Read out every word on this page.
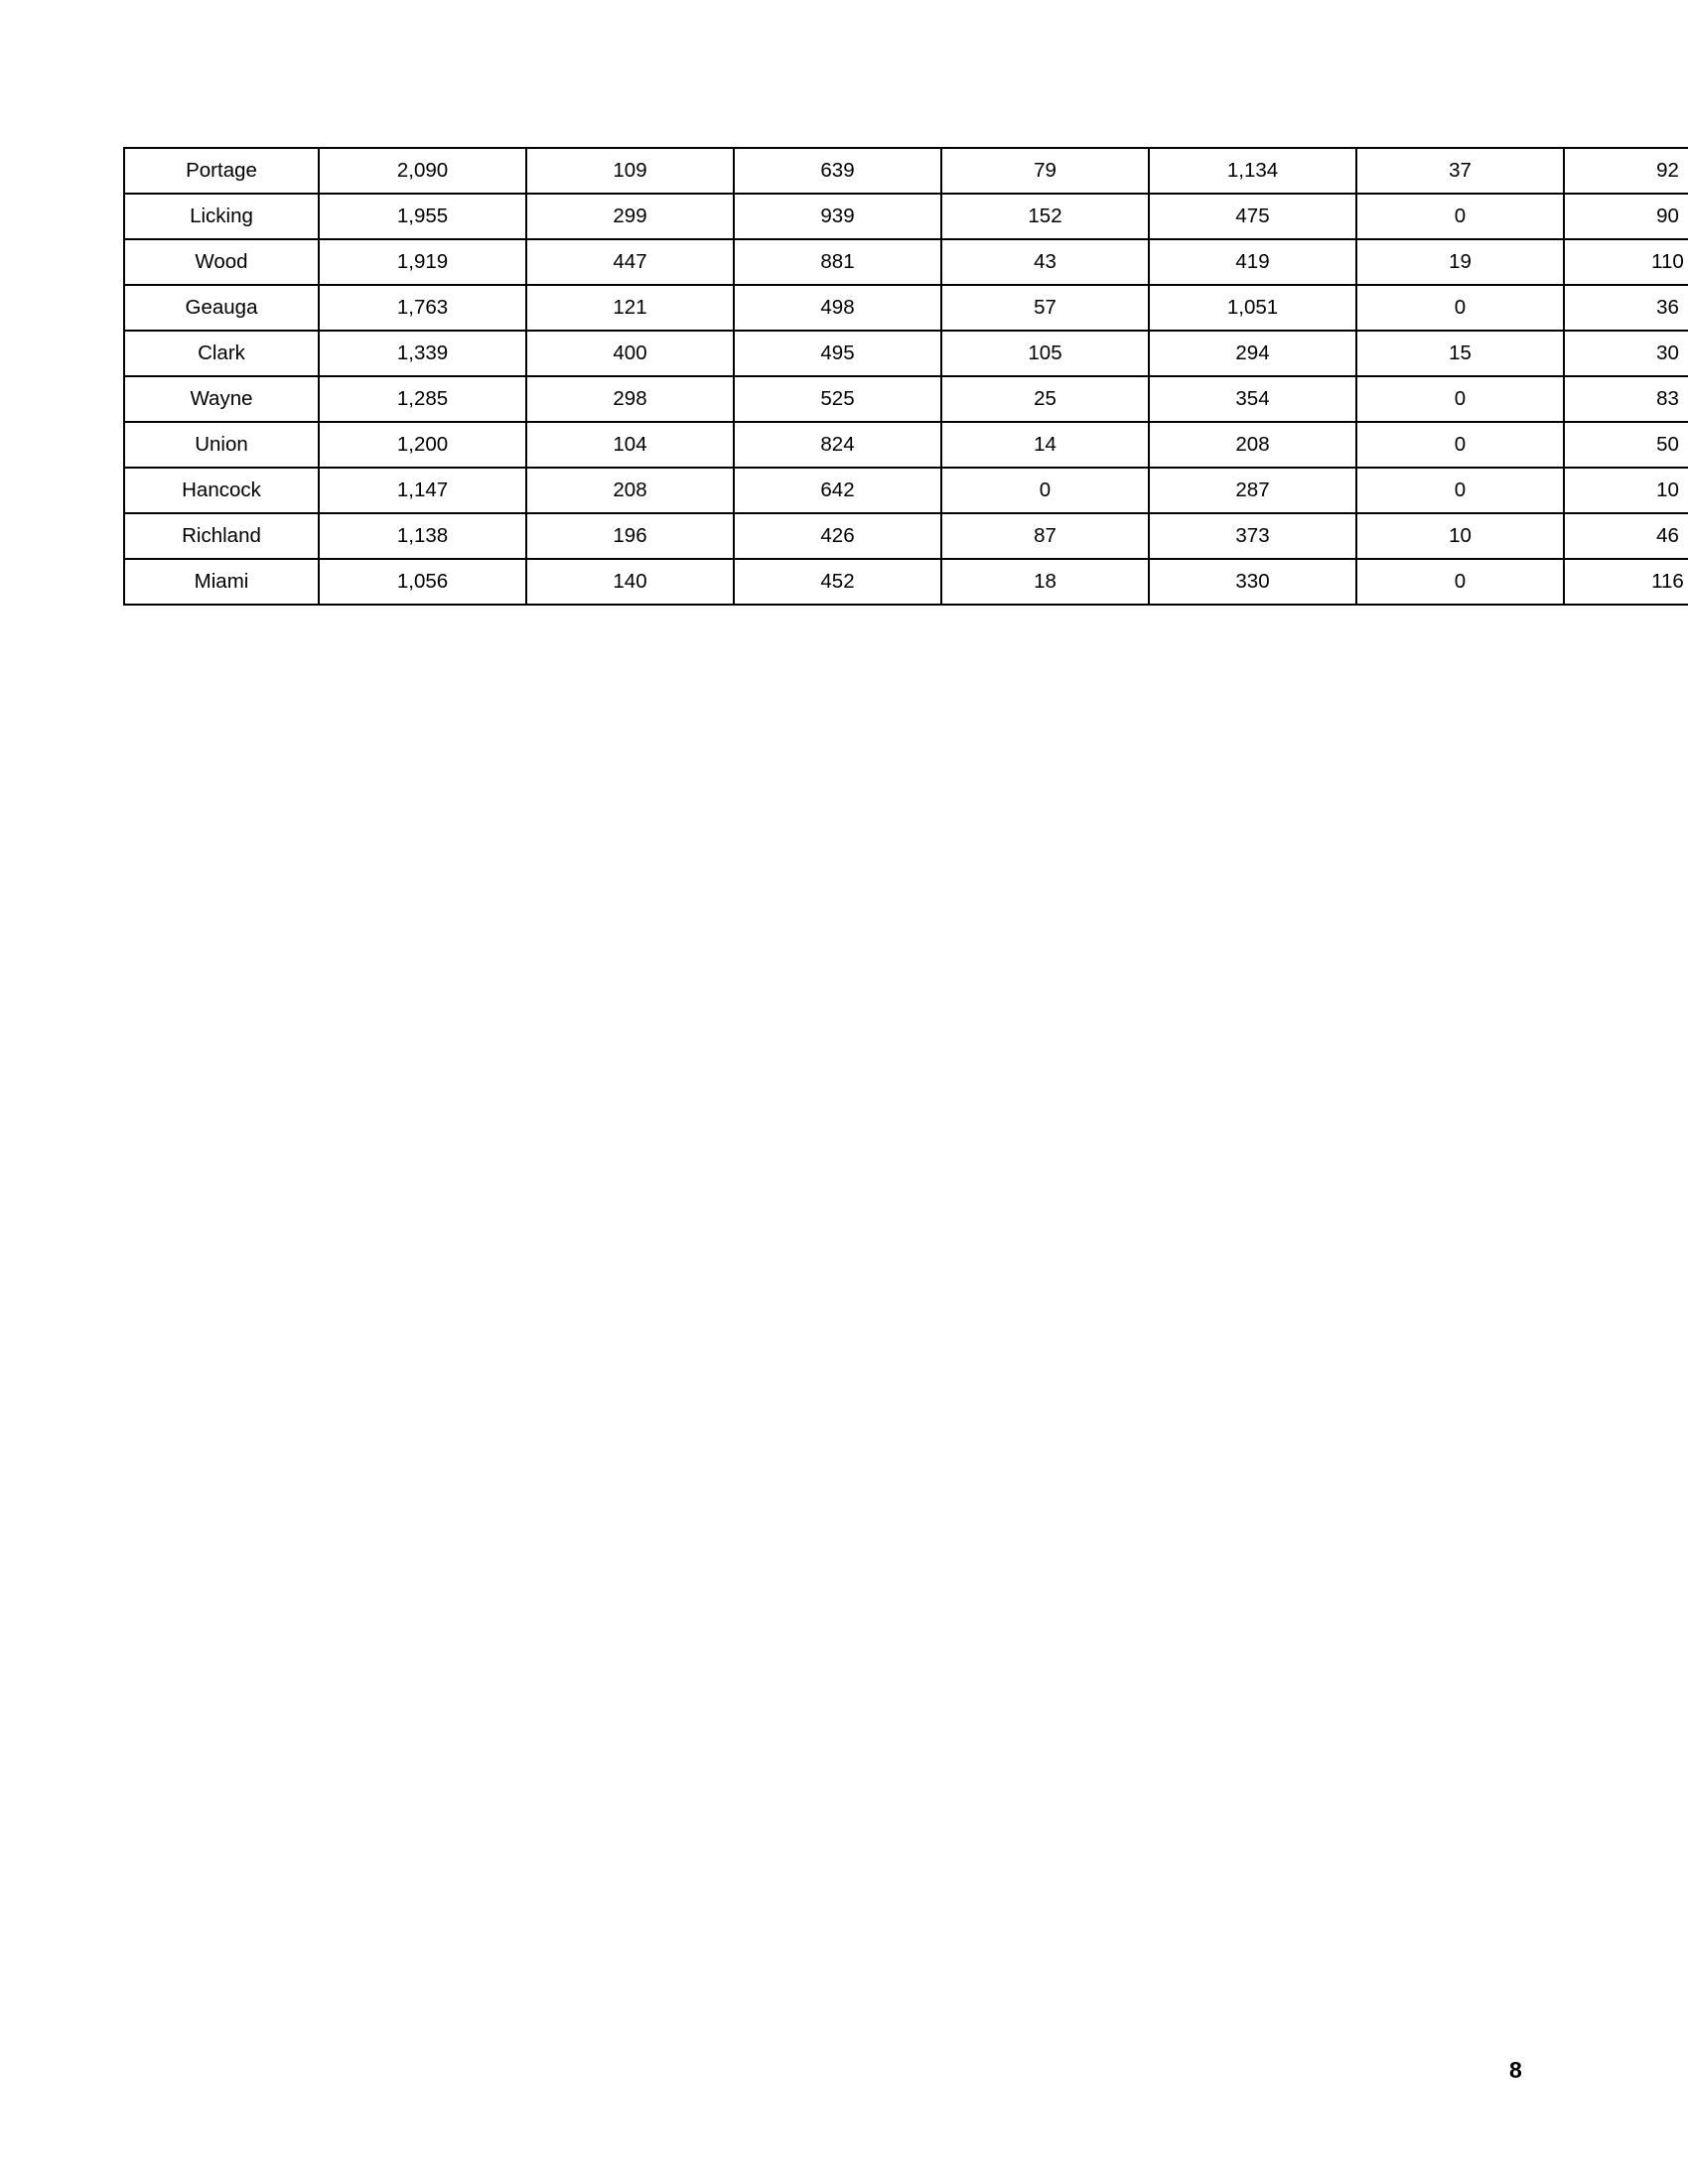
Portage	2,090	109	639	79	1,134	37	92
Licking	1,955	299	939	152	475	0	90
Wood	1,919	447	881	43	419	19	110
Geauga	1,763	121	498	57	1,051	0	36
Clark	1,339	400	495	105	294	15	30
Wayne	1,285	298	525	25	354	0	83
Union	1,200	104	824	14	208	0	50
Hancock	1,147	208	642	0	287	0	10
Richland	1,138	196	426	87	373	10	46
Miami	1,056	140	452	18	330	0	116
8
